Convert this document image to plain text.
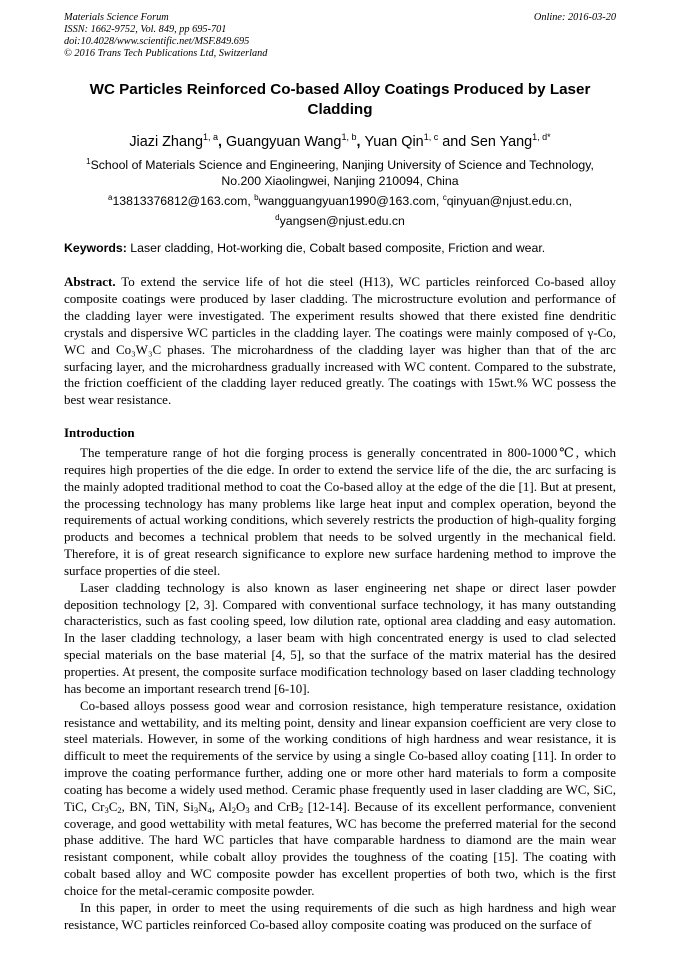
Materials Science Forum
ISSN: 1662-9752, Vol. 849, pp 695-701
doi:10.4028/www.scientific.net/MSF.849.695
© 2016 Trans Tech Publications Ltd, Switzerland
Online: 2016-03-20
WC Particles Reinforced Co-based Alloy Coatings Produced by Laser Cladding
Jiazi Zhang$^{1, a}$, Guangyuan Wang$^{1, b}$, Yuan Qin$^{1, c}$ and Sen Yang$^{1, d*}$
$^1$School of Materials Science and Engineering, Nanjing University of Science and Technology,
No.200 Xiaolingwei, Nanjing 210094, China
$^a$13813376812@163.com, $^b$wangguangyuan1990@163.com, $^c$qinyuan@njust.edu.cn,
$^d$yangsen@njust.edu.cn
Keywords: Laser cladding, Hot-working die, Cobalt based composite, Friction and wear.
Abstract. To extend the service life of hot die steel (H13), WC particles reinforced Co-based alloy composite coatings were produced by laser cladding. The microstructure evolution and performance of the cladding layer were investigated. The experiment results showed that there existed fine dendritic crystals and dispersive WC particles in the cladding layer. The coatings were mainly composed of γ-Co, WC and Co₃W₃C phases. The microhardness of the cladding layer was higher than that of the arc surfacing layer, and the microhardness gradually increased with WC content. Compared to the substrate, the friction coefficient of the cladding layer reduced greatly. The coatings with 15wt.% WC possess the best wear resistance.
Introduction

The temperature range of hot die forging process is generally concentrated in 800-1000℃, which requires high properties of the die edge. In order to extend the service life of the die, the arc surfacing is the mainly adopted traditional method to coat the Co-based alloy at the edge of the die [1]. But at present, the processing technology has many problems like large heat input and complex operation, beyond the requirements of actual working conditions, which severely restricts the production of high-quality forging products and becomes a technical problem that needs to be solved urgently in the mechanical field. Therefore, it is of great research significance to explore new surface hardening method to improve the surface properties of die steel.

Laser cladding technology is also known as laser engineering net shape or direct laser powder deposition technology [2, 3]. Compared with conventional surface technology, it has many outstanding characteristics, such as fast cooling speed, low dilution rate, optional area cladding and easy automation. In the laser cladding technology, a laser beam with high concentrated energy is used to clad selected special materials on the base material [4, 5], so that the surface of the matrix material has the desired properties. At present, the composite surface modification technology based on laser cladding technology has become an important research trend [6-10].

Co-based alloys possess good wear and corrosion resistance, high temperature resistance, oxidation resistance and wettability, and its melting point, density and linear expansion coefficient are very close to steel materials. However, in some of the working conditions of high hardness and wear resistance, it is difficult to meet the requirements of the service by using a single Co-based alloy coating [11]. In order to improve the coating performance further, adding one or more other hard materials to form a composite coating has become a widely used method. Ceramic phase frequently used in laser cladding are WC, SiC, TiC, $Cr_3C_2$, BN, TiN, $Si_3N_4$, $Al_2O_3$ and CrB$_2$ [12-14]. Because of its excellent performance, convenient coverage, and good wettability with metal features, WC has become the preferred material for the second phase additive. The hard WC particles that have comparable hardness to diamond are the main wear resistant component, while cobalt alloy provides the toughness of the coating [15]. The coating with cobalt based alloy and WC composite powder has excellent properties of both two, which is the first choice for the metal-ceramic composite powder.

In this paper, in order to meet the using requirements of die such as high hardness and high wear resistance, WC particles reinforced Co-based alloy composite coating was produced on the surface of
